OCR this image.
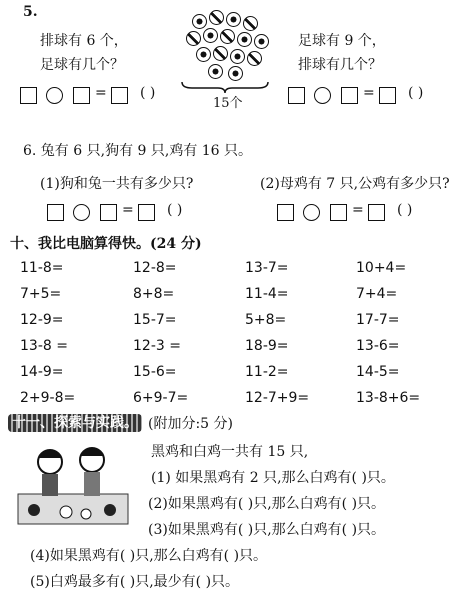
5.
排球有 6 个，
足球有几个？
足球有 9 个，
排球有几个？
15个
= ( )	= ( )
6. 兔有 6 只,狗有 9 只,鸡有 16 只。
(1)狗和兔一共有多少只?	(2)母鸡有 7 只,公鸡有多少只?
= ( )	= ( )
十、我比电脑算得快。(24 分)
11-8=	12-8=	13-7=	10+4=
7+5=	8+8=	11-4=	7+4=
12-9=	15-7=	5+8=	17-7=
13-8 =	12-3 =	18-9=	13-6=
14-9=	15-6=	11-2=	14-5=
2+9-8=	6+9-7=	12-7+9=	13-8+6=
十一、探索与实践。 (附加分:5 分)
黑鸡和白鸡一共有 15 只,
(1) 如果黑鸡有 2 只,那么白鸡有( )只。
(2)如果黑鸡有( )只,那么白鸡有( )只。
(3)如果黑鸡有( )只,那么白鸡有( )只。
(4)如果黑鸡有( )只,那么白鸡有( )只。
(5)白鸡最多有( )只,最少有( )只。
